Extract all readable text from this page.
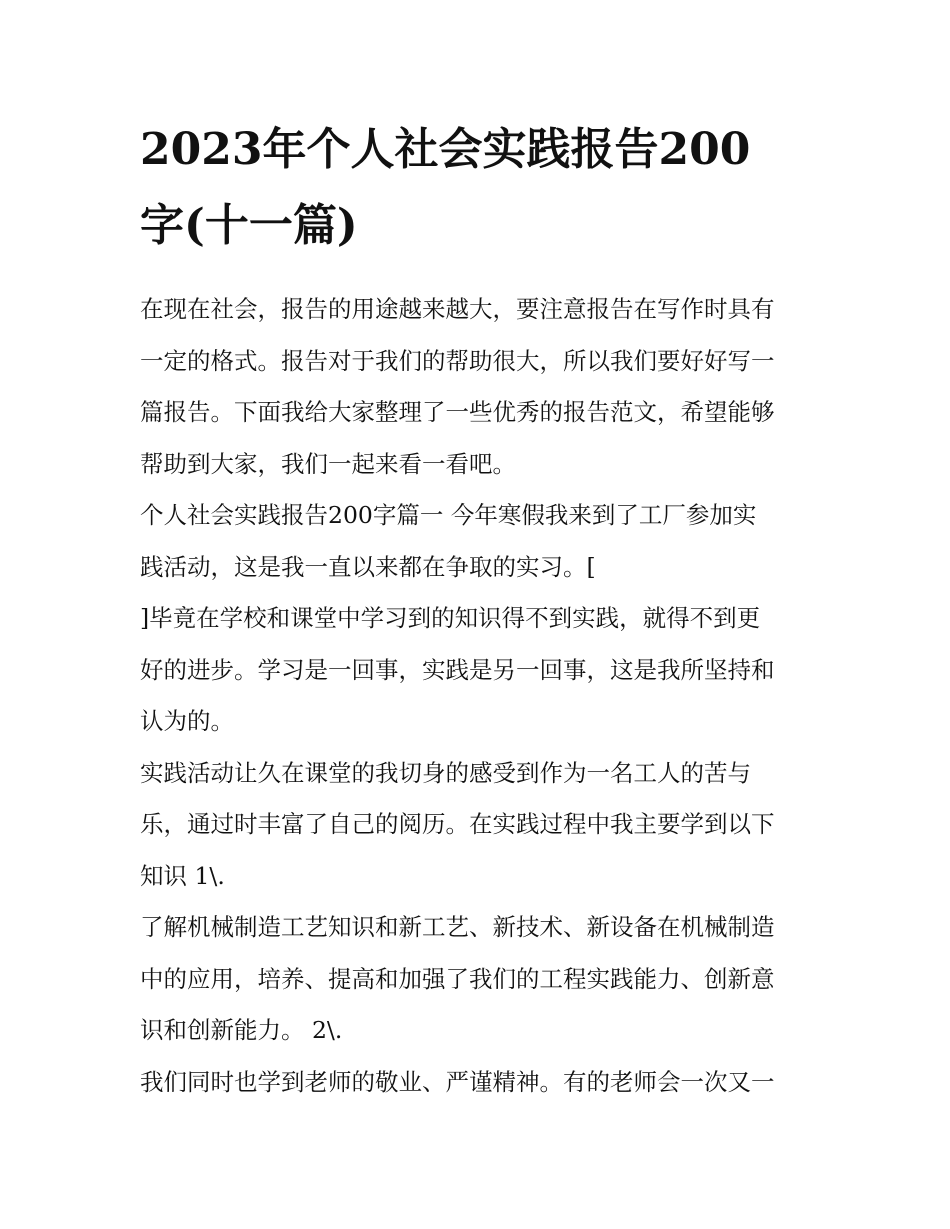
2023年个人社会实践报告200
字(十一篇)

在现在社会，报告的用途越来越大，要注意报告在写作时具有
一定的格式。报告对于我们的帮助很大，所以我们要好好写一
篇报告。下面我给大家整理了一些优秀的报告范文，希望能够
帮助到大家，我们一起来看一看吧。

个人社会实践报告200字篇一 今年寒假我来到了工厂参加实
践活动，这是我一直以来都在争取的实习。[

]毕竟在学校和课堂中学习到的知识得不到实践，就得不到更
好的进步。学习是一回事，实践是另一回事，这是我所坚持和
认为的。

实践活动让久在课堂的我切身的感受到作为一名工人的苦与
乐，通过时丰富了自己的阅历。在实践过程中我主要学到以下
知识 1\.

了解机械制造工艺知识和新工艺、新技术、新设备在机械制造
中的应用，培养、提高和加强了我们的工程实践能力、创新意
识和创新能力。 2\.

我们同时也学到老师的敬业、严谨精神。有的老师会一次又一
